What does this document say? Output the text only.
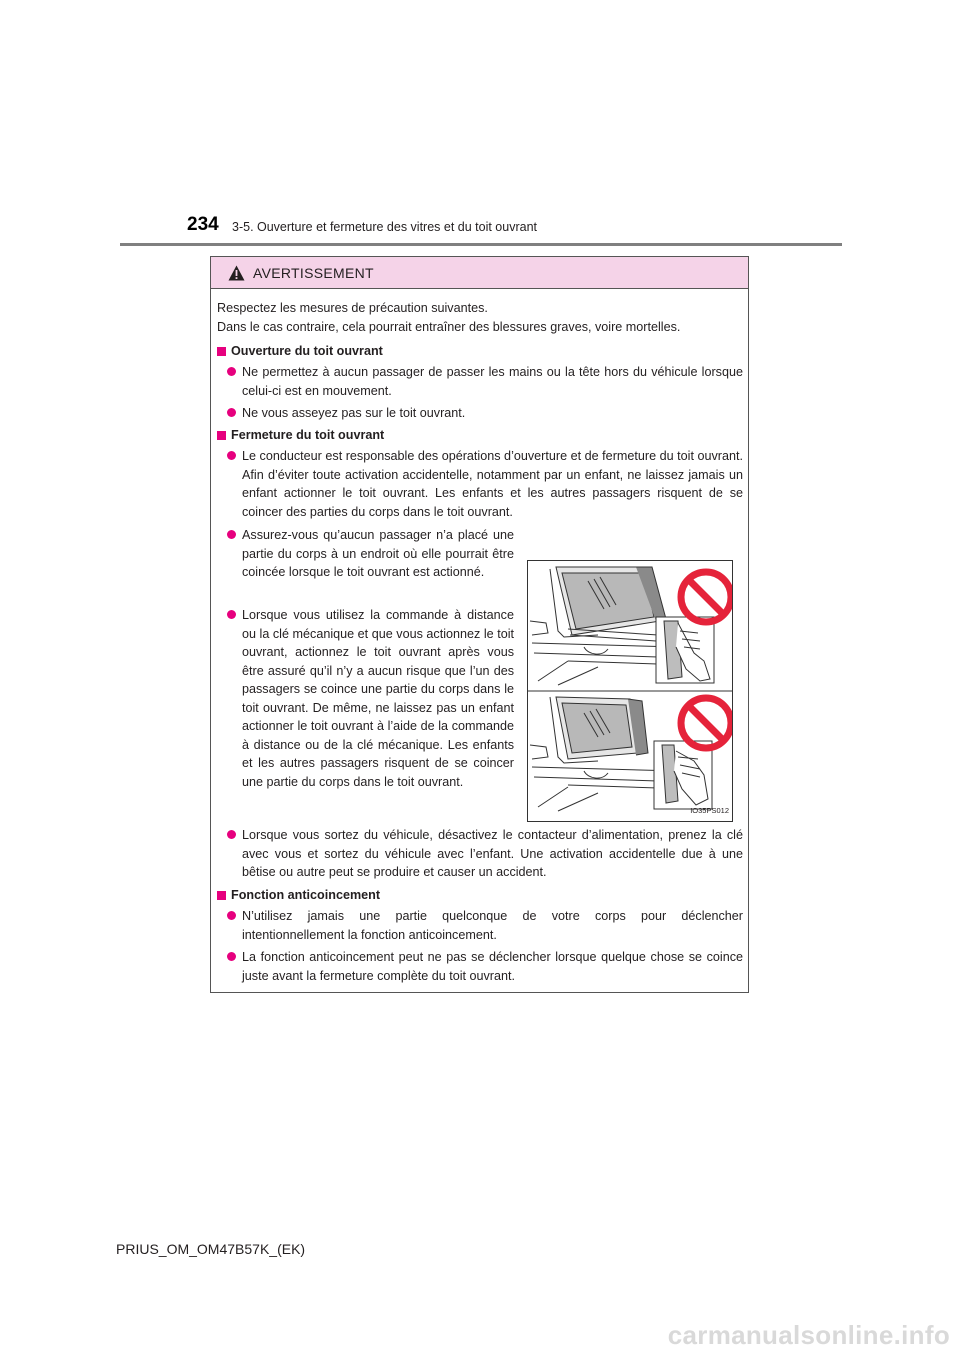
234 3-5. Ouverture et fermeture des vitres et du toit ouvrant
AVERTISSEMENT
Respectez les mesures de précaution suivantes.
Dans le cas contraire, cela pourrait entraîner des blessures graves, voire mortelles.
Ouverture du toit ouvrant
Ne permettez à aucun passager de passer les mains ou la tête hors du véhicule lorsque celui-ci est en mouvement.
Ne vous asseyez pas sur le toit ouvrant.
Fermeture du toit ouvrant
Le conducteur est responsable des opérations d’ouverture et de fermeture du toit ouvrant. Afin d’éviter toute activation accidentelle, notamment par un enfant, ne laissez jamais un enfant actionner le toit ouvrant. Les enfants et les autres passagers risquent de se coincer des parties du corps dans le toit ouvrant.
Assurez-vous qu’aucun passager n’a placé une partie du corps à un endroit où elle pourrait être coincée lorsque le toit ouvrant est actionné.
Lorsque vous utilisez la commande à distance ou la clé mécanique et que vous actionnez le toit ouvrant, actionnez le toit ouvrant après vous être assuré qu’il n’y a aucun risque que l’un des passagers se coince une partie du corps dans le toit ouvrant. De même, ne laissez pas un enfant actionner le toit ouvrant à l’aide de la commande à distance ou de la clé mécanique. Les enfants et les autres passagers risquent de se coincer une partie du corps dans le toit ouvrant.
IO35PS012
Lorsque vous sortez du véhicule, désactivez le contacteur d’alimentation, prenez la clé avec vous et sortez du véhicule avec l’enfant. Une activation accidentelle due à une bêtise ou autre peut se produire et causer un accident.
Fonction anticoincement
N’utilisez jamais une partie quelconque de votre corps pour déclencher intentionnellement la fonction anticoincement.
La fonction anticoincement peut ne pas se déclencher lorsque quelque chose se coince juste avant la fermeture complète du toit ouvrant.
PRIUS_OM_OM47B57K_(EK)
carmanualsonline.info
